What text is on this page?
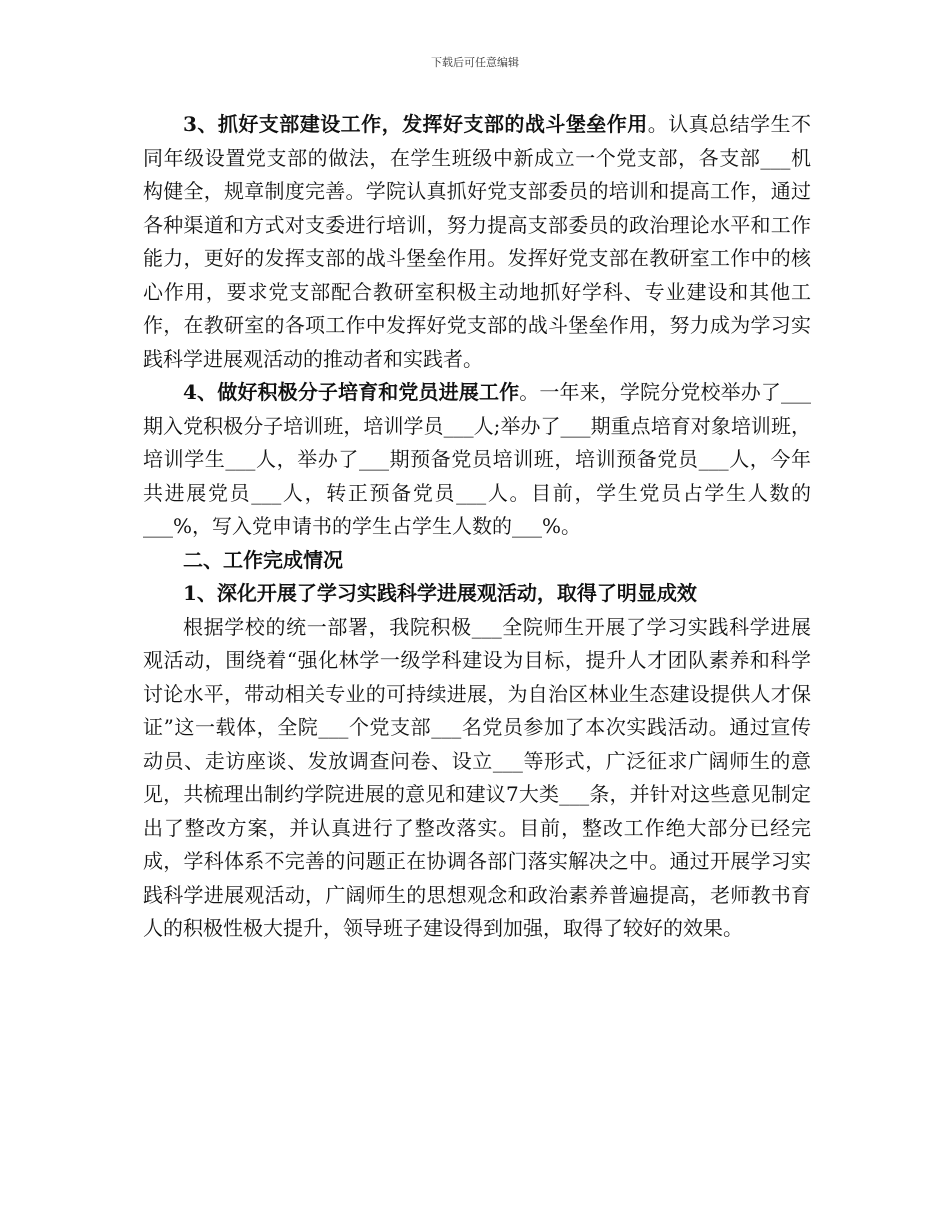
下载后可任意编辑

3、抓好支部建设工作，发挥好支部的战斗堡垒作用。认真总结学生不同年级设置党支部的做法，在学生班级中新成立一个党支部，各支部___机构健全，规章制度完善。学院认真抓好党支部委员的培训和提高工作，通过各种渠道和方式对支委进行培训，努力提高支部委员的政治理论水平和工作能力，更好的发挥支部的战斗堡垒作用。发挥好党支部在教研室工作中的核心作用，要求党支部配合教研室积极主动地抓好学科、专业建设和其他工作，在教研室的各项工作中发挥好党支部的战斗堡垒作用，努力成为学习实践科学进展观活动的推动者和实践者。

4、做好积极分子培育和党员进展工作。一年来，学院分党校举办了___期入党积极分子培训班，培训学员___人;举办了___期重点培育对象培训班，培训学生___人，举办了___期预备党员培训班，培训预备党员___人，今年共进展党员___人，转正预备党员___人。目前，学生党员占学生人数的___%，写入党申请书的学生占学生人数的___%。

二、工作完成情况

1、深化开展了学习实践科学进展观活动，取得了明显成效

根据学校的统一部署，我院积极___全院师生开展了学习实践科学进展观活动，围绕着“强化林学一级学科建设为目标，提升人才团队素养和科学讨论水平，带动相关专业的可持续进展，为自治区林业生态建设提供人才保证”这一载体，全院___个党支部___名党员参加了本次实践活动。通过宣传动员、走访座谈、发放调查问卷、设立___等形式，广泛征求广阔师生的意见，共梳理出制约学院进展的意见和建议7大类___条，并针对这些意见制定出了整改方案，并认真进行了整改落实。目前，整改工作绝大部分已经完成，学科体系不完善的问题正在协调各部门落实解决之中。通过开展学习实践科学进展观活动，广阔师生的思想观念和政治素养普遍提高，老师教书育人的积极性极大提升，领导班子建设得到加强，取得了较好的效果。
